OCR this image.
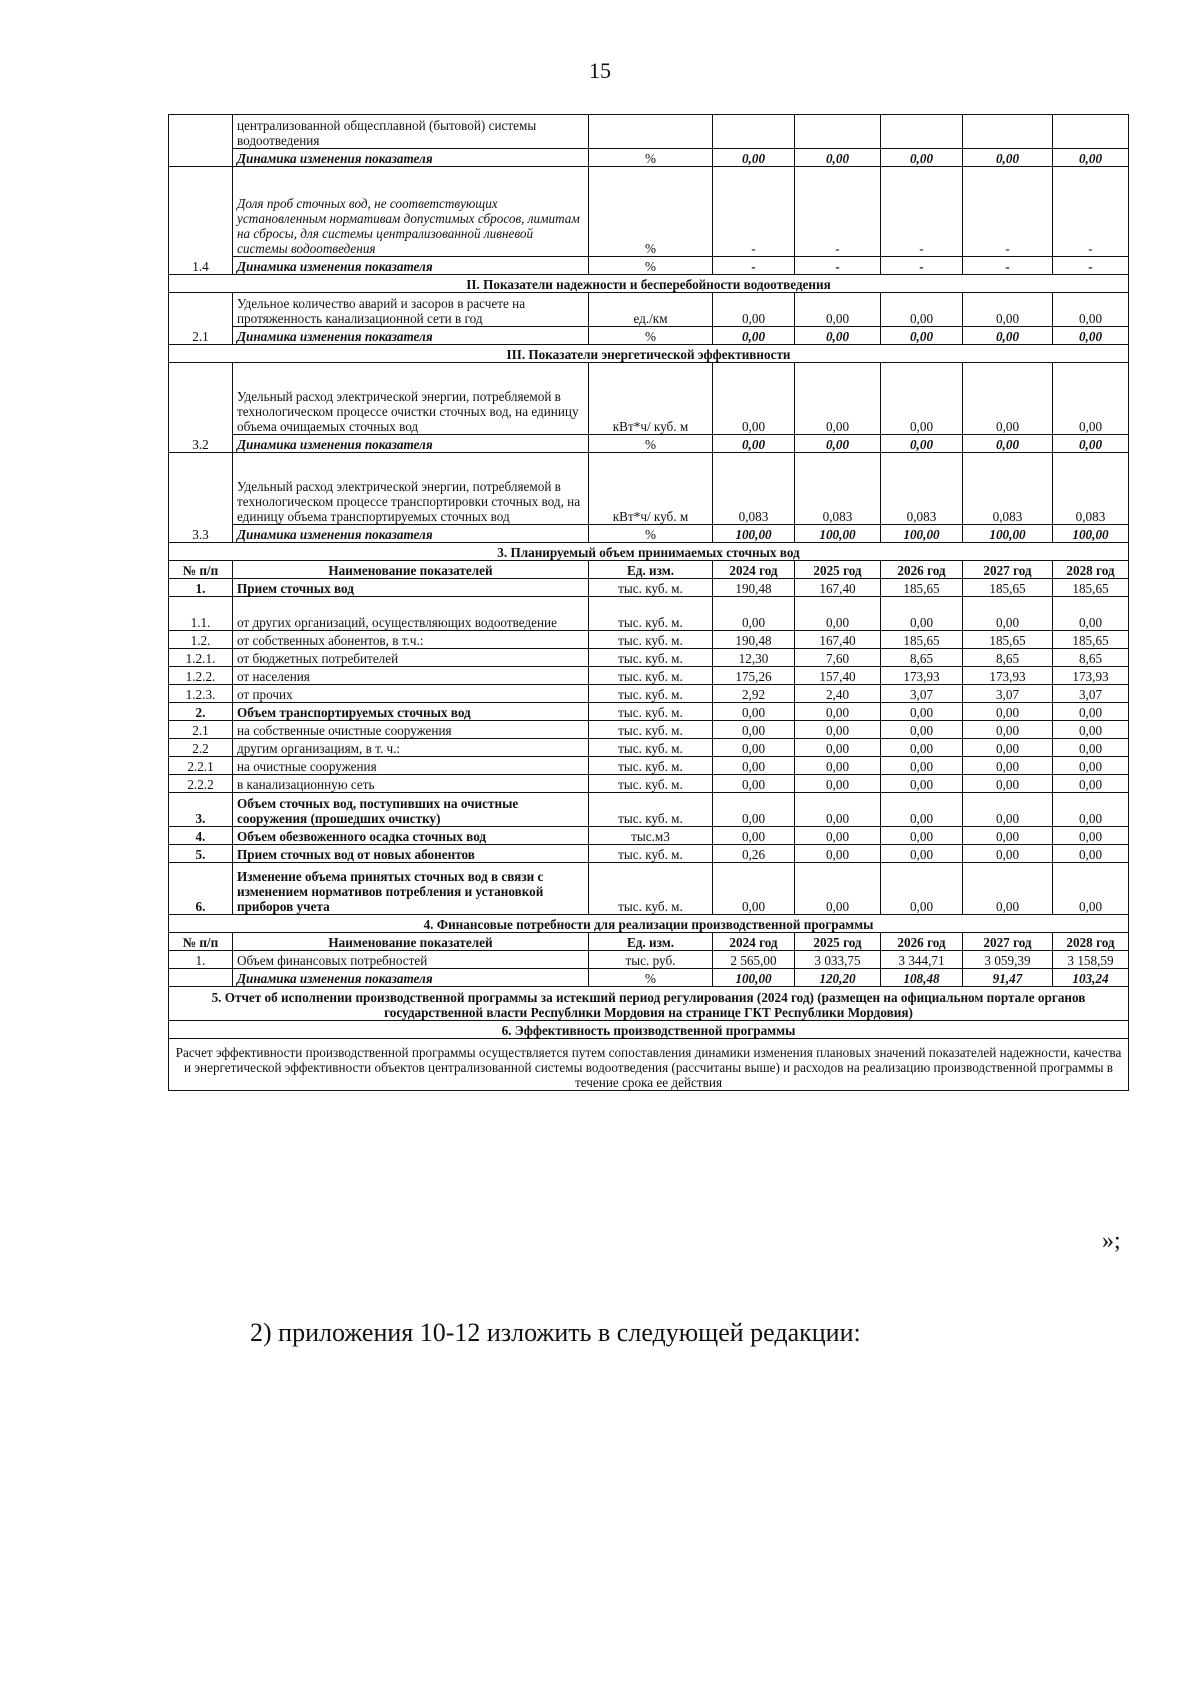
15
	централизованной общесплавной (бытовой) системы водоотведения						
	Динамика изменения показателя	%	0,00	0,00	0,00	0,00	0,00
1.4	Доля проб сточных вод, не соответствующих установленным нормативам допустимых сбросов, лимитам на сбросы, для системы централизованной ливневой системы водоотведения	%	-	-	-	-	-
	Динамика изменения показателя	%	-	-	-	-	-
II. Показатели надежности и бесперебойности водоотведения							
2.1	Удельное количество аварий и засоров в расчете на протяженность канализационной сети в год	ед./км	0,00	0,00	0,00	0,00	0,00
	Динамика изменения показателя	%	0,00	0,00	0,00	0,00	0,00
III. Показатели энергетической эффективности							
3.2	Удельный расход электрической энергии, потребляемой в технологическом процессе очистки сточных вод, на единицу объема очищаемых сточных вод	кВт*ч/ куб. м	0,00	0,00	0,00	0,00	0,00
	Динамика изменения показателя	%	0,00	0,00	0,00	0,00	0,00
3.3	Удельный расход электрической энергии, потребляемой в технологическом процессе транспортировки сточных вод, на единицу объема транспортируемых сточных вод	кВт*ч/ куб. м	0,083	0,083	0,083	0,083	0,083
	Динамика изменения показателя	%	100,00	100,00	100,00	100,00	100,00
3. Планируемый объем принимаемых сточных вод							
№ п/п	Наименование показателей	Ед. изм.	2024 год	2025 год	2026 год	2027 год	2028 год
1.	Прием сточных вод	тыс. куб. м.	190,48	167,40	185,65	185,65	185,65
1.1.	от других организаций, осуществляющих водоотведение	тыс. куб. м.	0,00	0,00	0,00	0,00	0,00
1.2.	от собственных абонентов, в т.ч.:	тыс. куб. м.	190,48	167,40	185,65	185,65	185,65
1.2.1.	от бюджетных потребителей	тыс. куб. м.	12,30	7,60	8,65	8,65	8,65
1.2.2.	от населения	тыс. куб. м.	175,26	157,40	173,93	173,93	173,93
1.2.3.	от прочих	тыс. куб. м.	2,92	2,40	3,07	3,07	3,07
2.	Объем транспортируемых сточных вод	тыс. куб. м.	0,00	0,00	0,00	0,00	0,00
2.1	на собственные очистные сооружения	тыс. куб. м.	0,00	0,00	0,00	0,00	0,00
2.2	другим организациям, в т. ч.:	тыс. куб. м.	0,00	0,00	0,00	0,00	0,00
2.2.1	на очистные сооружения	тыс. куб. м.	0,00	0,00	0,00	0,00	0,00
2.2.2	в канализационную сеть	тыс. куб. м.	0,00	0,00	0,00	0,00	0,00
3.	Объем сточных вод, поступивших на очистные сооружения (прошедших очистку)	тыс. куб. м.	0,00	0,00	0,00	0,00	0,00
4.	Объем обезвоженного осадка сточных вод	тыс.м3	0,00	0,00	0,00	0,00	0,00
5.	Прием сточных вод от новых абонентов	тыс. куб. м.	0,26	0,00	0,00	0,00	0,00
6.	Изменение объема принятых сточных вод в связи с изменением нормативов потребления и установкой приборов учета	тыс. куб. м.	0,00	0,00	0,00	0,00	0,00
4. Финансовые потребности для реализации производственной программы							
№ п/п	Наименование показателей	Ед. изм.	2024 год	2025 год	2026 год	2027 год	2028 год
1.	Объем финансовых потребностей	тыс. руб.	2 565,00	3 033,75	3 344,71	3 059,39	3 158,59
	Динамика изменения показателя	%	100,00	120,20	108,48	91,47	103,24
5. Отчет об исполнении производственной программы за истекший период регулирования (2024 год) (размещен на официальном портале органов государственной власти Республики Мордовия на странице ГКТ Республики Мордовия)							
6. Эффективность производственной программы							
Расчет эффективности производственной программы осуществляется путем сопоставления динамики изменения плановых значений показателей надежности, качества и энергетической эффективности объектов централизованной системы водоотведения (рассчитаны выше) и расходов на реализацию производственной программы в течение срока ее действия							
»;
2) приложения 10-12 изложить в следующей редакции:
